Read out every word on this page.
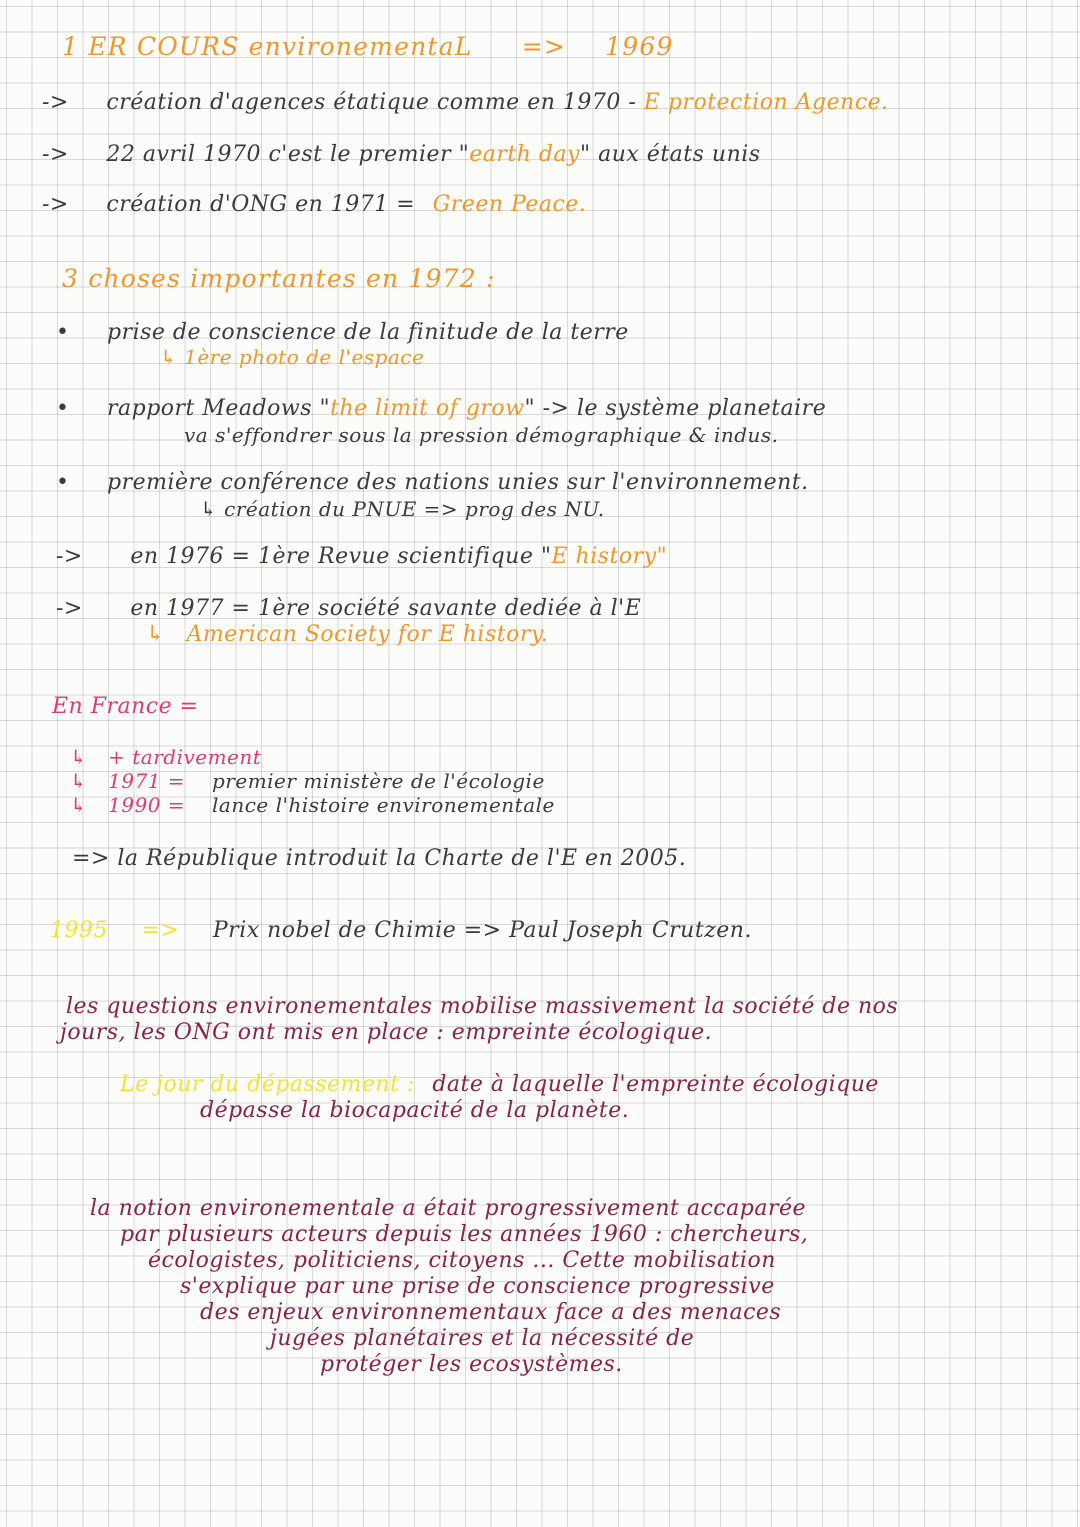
1 ER COURS environementaL => 1969
-> création d'agences étatique comme en 1970 - E protection Agence.
-> 22 avril 1970 c'est le premier "earth day" aux états unis
-> création d'ONG en 1971 = Green Peace.
3 choses importantes en 1972 :
• prise de conscience de la finitude de la terre
↳ 1ère photo de l'espace
• rapport Meadows "the limit of grow" -> le système planetaire
va s'effondrer sous la pression démographique & indus.
• première conférence des nations unies sur l'environnement.
↳ création du PNUE => prog des NU.
-> en 1976 = 1ère Revue scientifique "E history"
-> en 1977 = 1ère société savante dediée à l'E
↳ American Society for E history.
En France =
↳ + tardivement
↳ 1971 = premier ministère de l'écologie
↳ 1990 = lance l'histoire environementale
=> la République introduit la Charte de l'E en 2005.
1995 => Prix nobel de Chimie => Paul Joseph Crutzen.
les questions environementales mobilise massivement la société de nos
jours, les ONG ont mis en place : empreinte écologique.
Le jour du dépassement : date à laquelle l'empreinte écologique
dépasse la biocapacité de la planète.
la notion environementale a était progressivement accaparée
par plusieurs acteurs depuis les années 1960 : chercheurs,
écologistes, politiciens, citoyens ... Cette mobilisation
s'explique par une prise de conscience progressive
des enjeux environnementaux face a des menaces
jugées planétaires et la nécessité de
protéger les ecosystèmes.
